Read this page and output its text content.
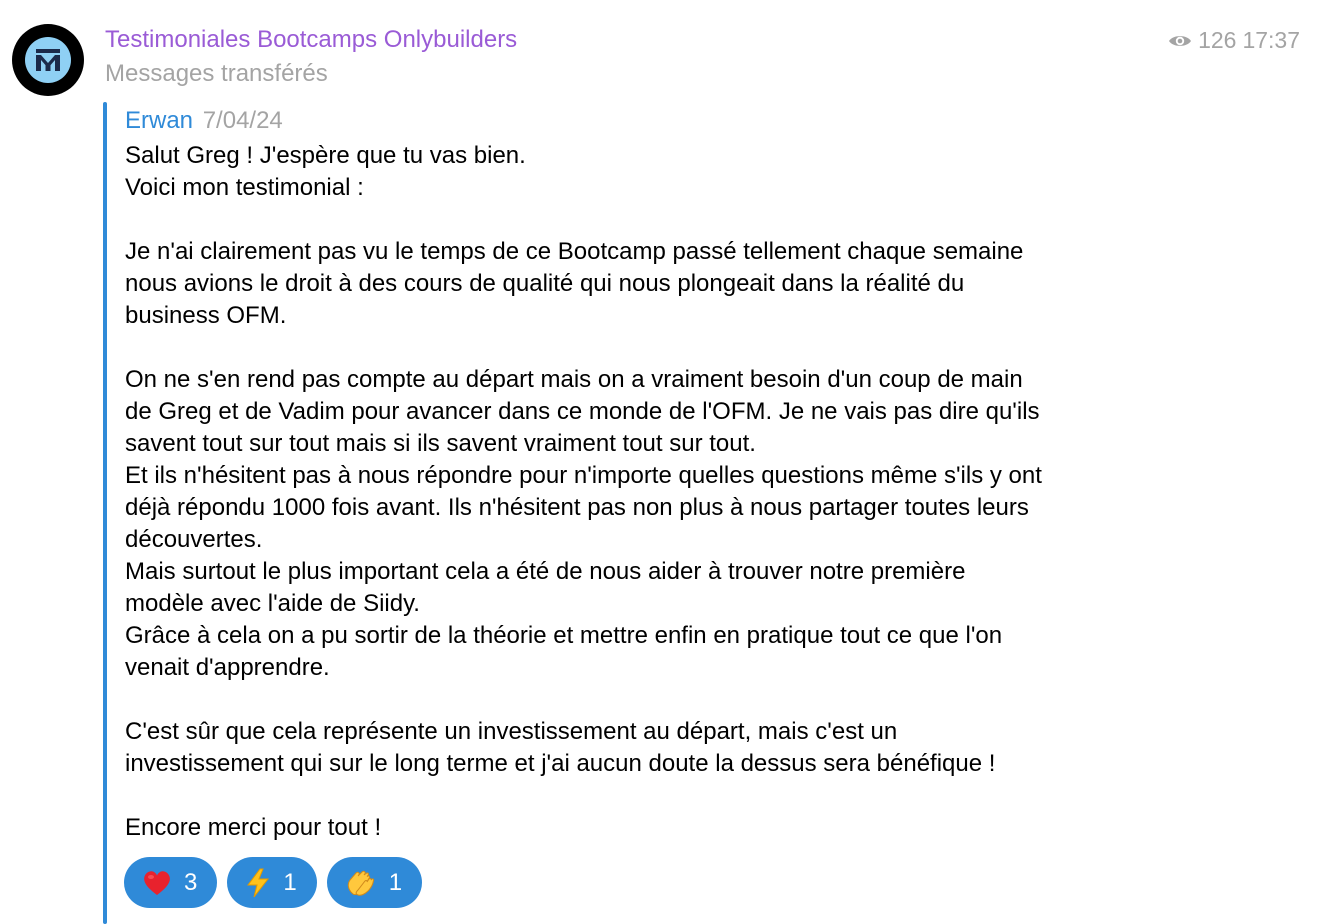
Testimoniales Bootcamps Onlybuilders
Messages transférés
126 17:37
Erwan 7/04/24

Salut Greg ! J'espère que tu vas bien.

Voici mon testimonial :

Je n'ai clairement pas vu le temps de ce Bootcamp passé tellement chaque semaine

nous avions le droit à des cours de qualité qui nous plongeait dans la réalité du

business OFM.

On ne s'en rend pas compte au départ mais on a vraiment besoin d'un coup de main

de Greg et de Vadim pour avancer dans ce monde de l'OFM. Je ne vais pas dire qu'ils

savent tout sur tout mais si ils savent vraiment tout sur tout.

Et ils n'hésitent pas à nous répondre pour n'importe quelles questions même s'ils y ont

déjà répondu 1000 fois avant. Ils n'hésitent pas non plus à nous partager toutes leurs

découvertes.

Mais surtout le plus important cela a été de nous aider à trouver notre première

modèle avec l'aide de Siidy.

Grâce à cela on a pu sortir de la théorie et mettre enfin en pratique tout ce que l'on

venait d'apprendre.

C'est sûr que cela représente un investissement au départ, mais c'est un

investissement qui sur le long terme et j'ai aucun doute la dessus sera bénéfique !

Encore merci pour tout !

3	1	1
